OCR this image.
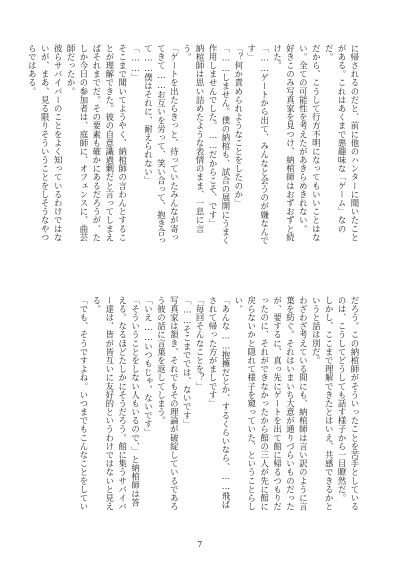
に帰されるのだと、前に他のハンターに聞いたことがある。これはあくまで悪趣味な「ゲーム」なのだ。
だから、こうして行方不明になってもいいことはない。全ての可能性を考えたがあきらめきれない。
好きこのみ写真家を見つけ、納棺師はおずおずと続けた。
「……ゲートから出て、みんなと会うのが嫌なんです」
「？何か責められようなことをしたのか」
「……しません。僕の納棺も、試合の展開にうまく作用しませんでした。……だからこそ、です」
納棺師は思い詰めたような表情のまま、一息に言う。
「ゲートを出たらきっと、待っていたみんなが寄ってきて……お互いを労って、笑い合って、抱き合って……僕はそれに、耐えられない」
「……」
そこまで聞いてようやく、納棺師の言わんとすることが理解できた。彼の自意識過剰だと言ってしまえばそれまでだ。その要素も確かにあるだろうが、たしか今日の参加者は、庭師に、オフェンスに、曲芸師だったか。
彼らサバイバーのことをよく知っているわけではないが、まあ、見る限りそういうことをしそうなやつらではある。
だろう。この納棺師がそういったことを苦手としているのは、こうしてどうしても話す様子から一目瞭然だ。
しかし、ここまで理解できたとはいえ、共感できるかというと話は別だ。
わざわざ考えている間にも、納棺師は言い訳のように言葉を紡ぐ。それはいまいち大意が通りづらいものだったが、要するに、真っ先にゲートを出て館に帰るつもりだったのに、それができなかったから館の三人が先に館に戻らないかと隠れて様子を窺っていた、ということらしい。
「あんな……抱擁だとか、するくらいなら、……飛ばされて帰った方がましです」
「毎回そんなことを？」
「……そこまででは、ないです」
写真家は頷き、それでもその理論が破綻しているであろう彼の話に言葉を返してしまう。
「いえ……いつもじゃ、ないです」
「そういうことをしない人もいるので、」と納棺師は答える。なるほどたしかにそうだろう。館に集うサバイバー達は、皆が皆互いに友好的というわけではないと見える。
「でも、そうですよね。いつまでもこんなことをしてい
7
